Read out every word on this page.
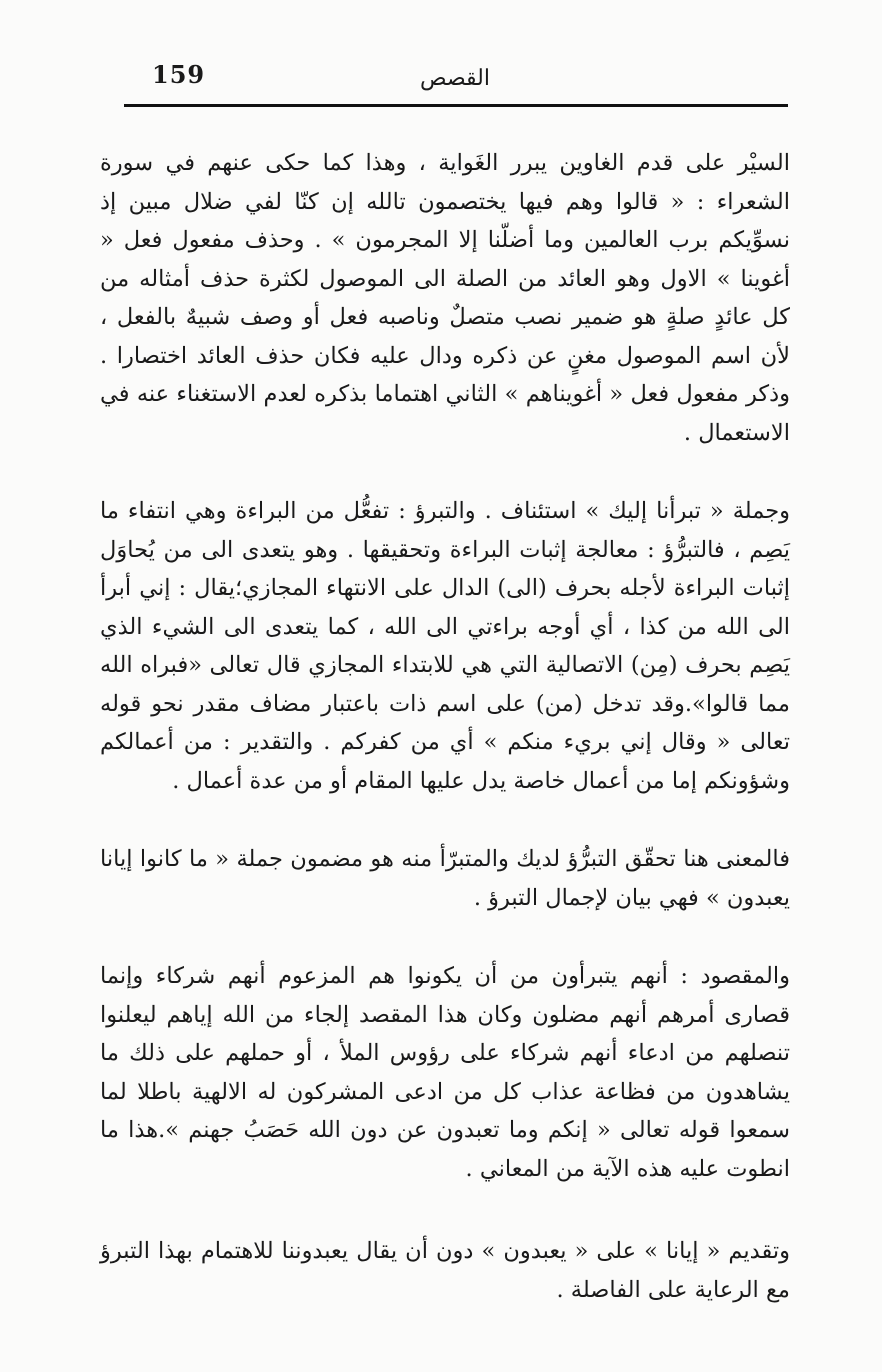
159	القصص

السيْر على قدم الغاوين يبرر الغَواية ، وهذا كما حكى عنهم في سورة الشعراء : « قالوا وهم فيها يختصمون تالله إن كنّا لفي ضلال مبين إذ نسوِّيكم برب العالمين وما أضلّنا إلا المجرمون » . وحذف مفعول فعل « أغوينا » الاول وهو العائد من الصلة الى الموصول لكثرة حذف أمثاله من كل عائدٍ صلةٍ هو ضمير نصب متصلٌ وناصبه فعل أو وصف شبيهٌ بالفعل ، لأن اسم الموصول مغنٍ عن ذكره ودال عليه فكان حذف العائد اختصارا . وذكر مفعول فعل « أغويناهم » الثاني اهتماما بذكره لعدم الاستغناء عنه في الاستعمال .

وجملة « تبرأنا إليك » استئناف . والتبرؤ : تفعُّل من البراءة وهي انتفاء ما يَصِم ، فالتبرُّؤ : معالجة إثبات البراءة وتحقيقها . وهو يتعدى الى من يُحاوَل إثبات البراءة لأجله بحرف (الى) الدال على الانتهاء المجازي؛يقال : إني أبرأ الى الله من كذا ، أي أوجه براءتي الى الله ، كما يتعدى الى الشيء الذي يَصِم بحرف (مِن) الاتصالية التي هي للابتداء المجازي قال تعالى «فبراه الله مما قالوا».وقد تدخل (من) على اسم ذات باعتبار مضاف مقدر نحو قوله تعالى « وقال إني بريء منكم » أي من كفركم . والتقدير : من أعمالكم وشؤونكم إما من أعمال خاصة يدل عليها المقام أو من عدة أعمال .

فالمعنى هنا تحقّق التبرُّؤ لديك والمتبرّأ منه هو مضمون جملة « ما كانوا إيانا يعبدون » فهي بيان لإجمال التبرؤ .

والمقصود : أنهم يتبرأون من أن يكونوا هم المزعوم أنهم شركاء وإنما قصارى أمرهم أنهم مضلون وكان هذا المقصد إلجاء من الله إياهم ليعلنوا تنصلهم من ادعاء أنهم شركاء على رؤوس الملأ ، أو حملهم على ذلك ما يشاهدون من فظاعة عذاب كل من ادعى المشركون له الالهية باطلا لما سمعوا قوله تعالى « إنكم وما تعبدون عن دون الله حَصَبُ جهنم ».هذا ما انطوت عليه هذه الآية من المعاني .

وتقديم « إيانا » على « يعبدون » دون أن يقال يعبدوننا للاهتمام بهذا التبرؤ مع الرعاية على الفاصلة .
